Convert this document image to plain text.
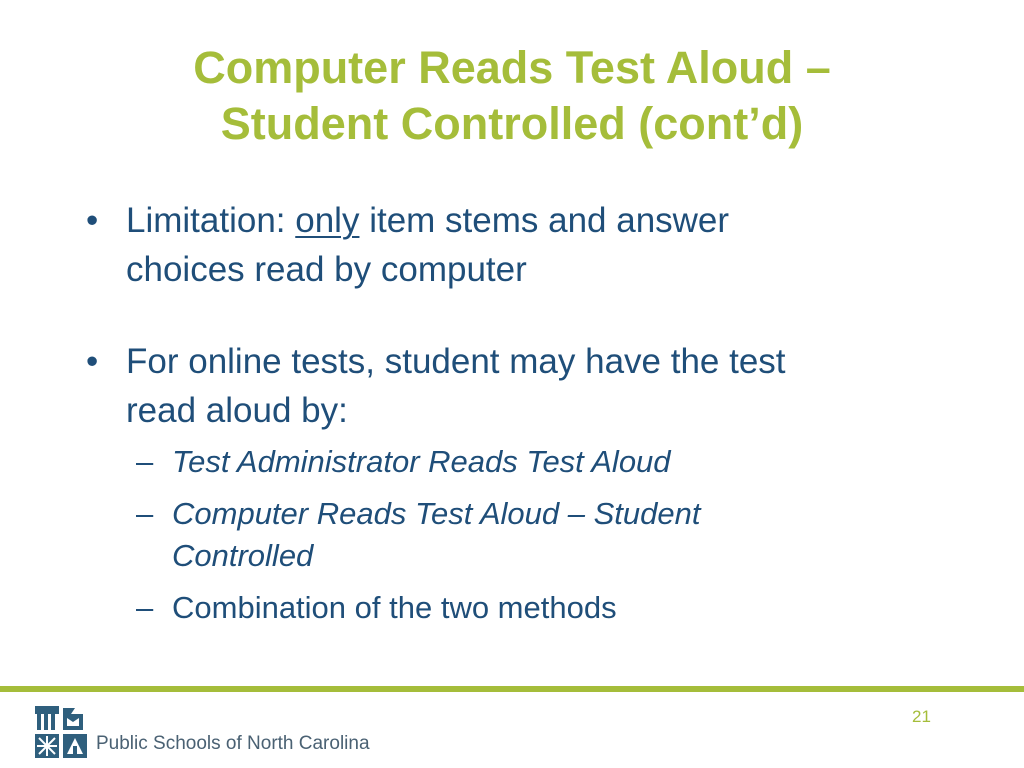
Computer Reads Test Aloud –
Student Controlled (cont’d)
• Limitation: only item stems and answer
choices read by computer
• For online tests, student may have the test
read aloud by:
– Test Administrator Reads Test Aloud
– Computer Reads Test Aloud – Student
Controlled
– Combination of the two methods
Public Schools of North Carolina
21
